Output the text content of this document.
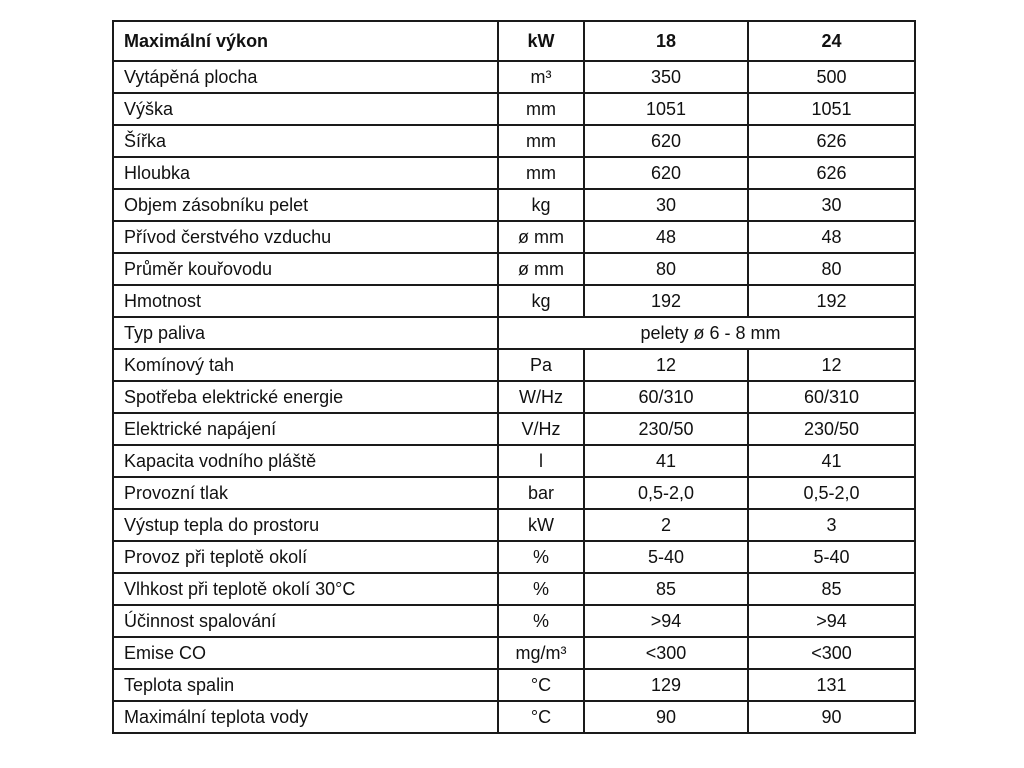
Maximální výkon	kW	18	24
Vytápěná plocha	m³	350	500
Výška	mm	1051	1051
Šířka	mm	620	626
Hloubka	mm	620	626
Objem zásobníku pelet	kg	30	30
Přívod čerstvého vzduchu	ø mm	48	48
Průměr kouřovodu	ø mm	80	80
Hmotnost	kg	192	192
Typ paliva	pelety ø 6 - 8 mm		
Komínový tah	Pa	12	12
Spotřeba elektrické energie	W/Hz	60/310	60/310
Elektrické napájení	V/Hz	230/50	230/50
Kapacita vodního pláště	l	41	41
Provozní tlak	bar	0,5-2,0	0,5-2,0
Výstup tepla do prostoru	kW	2	3
Provoz při teplotě okolí	%	5-40	5-40
Vlhkost při teplotě okolí 30°C	%	85	85
Účinnost spalování	%	>94	>94
Emise CO	mg/m³	<300	<300
Teplota spalin	°C	129	131
Maximální teplota vody	°C	90	90
